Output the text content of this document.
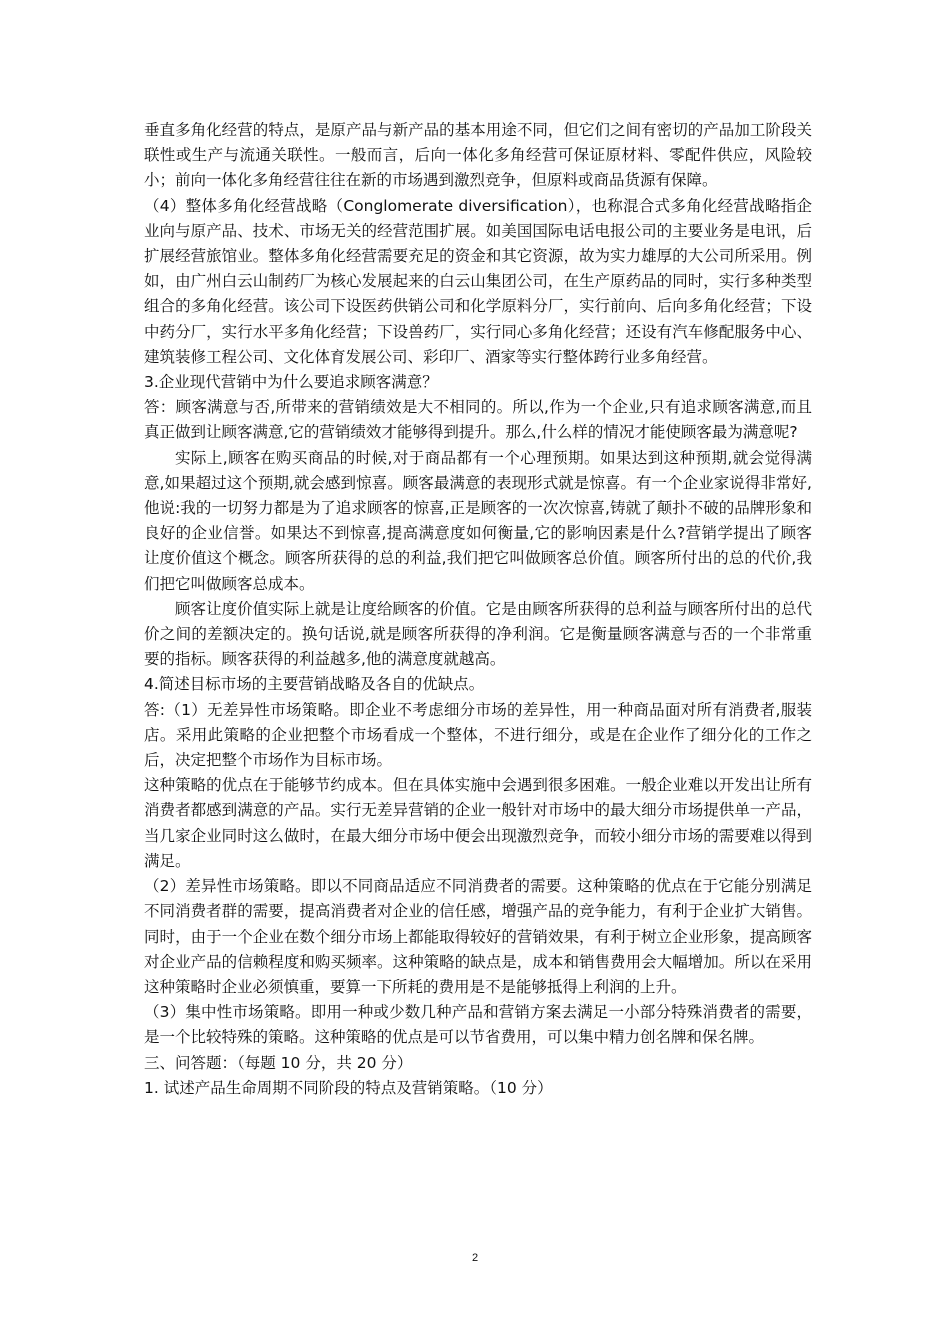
垂直多角化经营的特点，是原产品与新产品的基本用途不同，但它们之间有密切的产品加工阶段关联性或生产与流通关联性。一般而言，后向一体化多角经营可保证原材料、零配件供应，风险较小；前向一体化多角经营往往在新的市场遇到激烈竞争，但原料或商品货源有保障。

（4）整体多角化经营战略（Conglomerate diversification），也称混合式多角化经营战略指企业向与原产品、技术、市场无关的经营范围扩展。如美国国际电话电报公司的主要业务是电讯，后扩展经营旅馆业。整体多角化经营需要充足的资金和其它资源，故为实力雄厚的大公司所采用。例如，由广州白云山制药厂为核心发展起来的白云山集团公司，在生产原药品的同时，实行多种类型组合的多角化经营。该公司下设医药供销公司和化学原料分厂，实行前向、后向多角化经营；下设中药分厂，实行水平多角化经营；下设兽药厂，实行同心多角化经营；还设有汽车修配服务中心、建筑装修工程公司、文化体育发展公司、彩印厂、酒家等实行整体跨行业多角经营。

3.企业现代营销中为什么要追求顾客满意？

答：顾客满意与否,所带来的营销绩效是大不相同的。所以,作为一个企业,只有追求顾客满意,而且真正做到让顾客满意,它的营销绩效才能够得到提升。那么,什么样的情况才能使顾客最为满意呢?

实际上,顾客在购买商品的时候,对于商品都有一个心理预期。如果达到这种预期,就会觉得满意,如果超过这个预期,就会感到惊喜。顾客最满意的表现形式就是惊喜。有一个企业家说得非常好,他说:我的一切努力都是为了追求顾客的惊喜,正是顾客的一次次惊喜,铸就了颠扑不破的品牌形象和良好的企业信誉。如果达不到惊喜,提高满意度如何衡量,它的影响因素是什么?营销学提出了顾客让度价值这个概念。顾客所获得的总的利益,我们把它叫做顾客总价值。顾客所付出的总的代价,我们把它叫做顾客总成本。

顾客让度价值实际上就是让度给顾客的价值。它是由顾客所获得的总利益与顾客所付出的总代价之间的差额决定的。换句话说,就是顾客所获得的净利润。它是衡量顾客满意与否的一个非常重要的指标。顾客获得的利益越多,他的满意度就越高。

4.简述目标市场的主要营销战略及各自的优缺点。

答:（1）无差异性市场策略。即企业不考虑细分市场的差异性，用一种商品面对所有消费者,服装店。采用此策略的企业把整个市场看成一个整体，不进行细分，或是在企业作了细分化的工作之后，决定把整个市场作为目标市场。

这种策略的优点在于能够节约成本。但在具体实施中会遇到很多困难。一般企业难以开发出让所有消费者都感到满意的产品。实行无差异营销的企业一般针对市场中的最大细分市场提供单一产品，当几家企业同时这么做时，在最大细分市场中便会出现激烈竞争，而较小细分市场的需要难以得到满足。

（2）差异性市场策略。即以不同商品适应不同消费者的需要。这种策略的优点在于它能分别满足不同消费者群的需要，提高消费者对企业的信任感，增强产品的竞争能力，有利于企业扩大销售。同时，由于一个企业在数个细分市场上都能取得较好的营销效果，有利于树立企业形象，提高顾客对企业产品的信赖程度和购买频率。这种策略的缺点是，成本和销售费用会大幅增加。所以在采用这种策略时企业必须慎重，要算一下所耗的费用是不是能够抵得上利润的上升。

（3）集中性市场策略。即用一种或少数几种产品和营销方案去满足一小部分特殊消费者的需要，是一个比较特殊的策略。这种策略的优点是可以节省费用，可以集中精力创名牌和保名牌。

三、问答题：（每题 10 分，共 20 分）

1. 试述产品生命周期不同阶段的特点及营销策略。（10 分）

2
